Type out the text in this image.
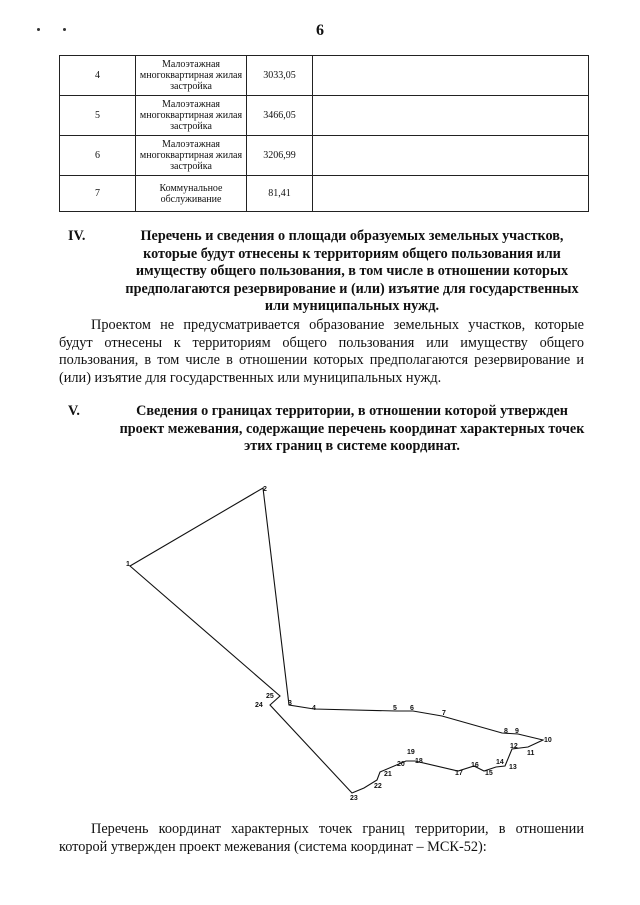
6
4	Малоэтажная многоквартирная жилая застройка	3033,05	
5	Малоэтажная многоквартирная жилая застройка	3466,05	
6	Малоэтажная многоквартирная жилая застройка	3206,99	
7	Коммунальное обслуживание	81,41	
IV.	Перечень и сведения о площади образуемых земельных участков, которые будут отнесены к территориям общего пользования или имуществу общего пользования, в том числе в отношении которых предполагаются резервирование и (или) изъятие для государственных или муниципальных нужд.
Проектом не предусматривается образование земельных участков, которые будут отнесены к территориям общего пользования или имуществу общего пользования, в том числе в отношении которых предполагаются резервирование и (или) изъятие для государственных или муниципальных нужд.
V.	Сведения о границах территории, в отношении которой утвержден проект межевания, содержащие перечень координат характерных точек этих границ в системе координат.
1
2
3
4	5 6
7
8 9
10
11
12
13
14
15
16
17
18
19
20
21
22
23
24
25
Перечень координат характерных точек границ территории, в отношении которой утвержден проект межевания (система координат – МСК-52):
